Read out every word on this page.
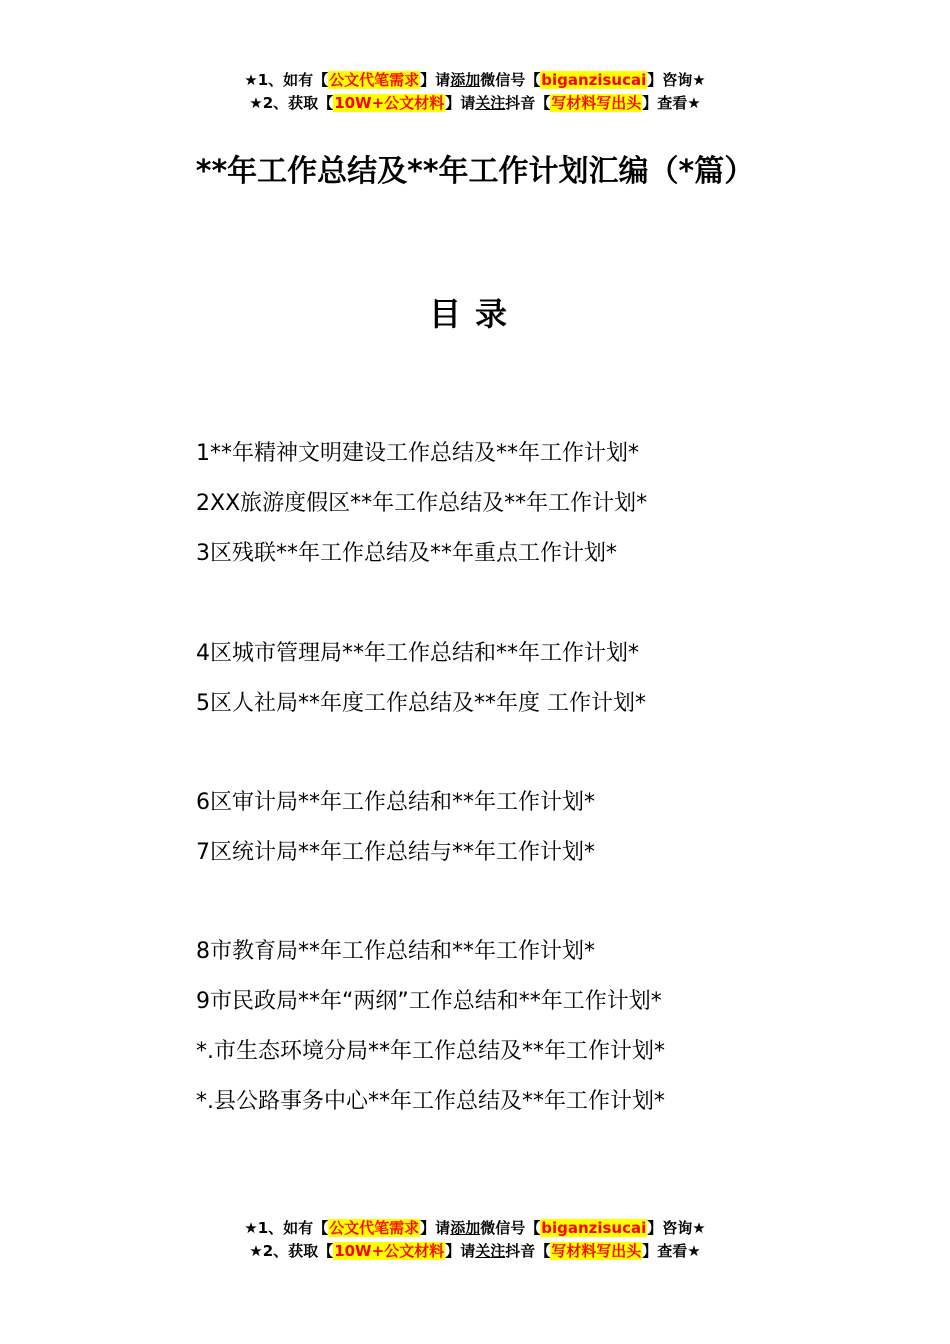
★1、如有【公文代笔需求】请添加微信号【biganzisucai】咨询★
★2、获取【10W+公文材料】请关注抖音【写材料写出头】查看★
**年工作总结及**年工作计划汇编（*篇）
目录
1**年精神文明建设工作总结及**年工作计划*
2XX旅游度假区**年工作总结及**年工作计划*
3区残联**年工作总结及**年重点工作计划*
4区城市管理局**年工作总结和**年工作计划*
5区人社局**年度工作总结及**年度 工作计划*
6区审计局**年工作总结和**年工作计划*
7区统计局**年工作总结与**年工作计划*
8市教育局**年工作总结和**年工作计划*
9市民政局**年“两纲”工作总结和**年工作计划*
*.市生态环境分局**年工作总结及**年工作计划*
*.县公路事务中心**年工作总结及**年工作计划*
★1、如有【公文代笔需求】请添加微信号【biganzisucai】咨询★
★2、获取【10W+公文材料】请关注抖音【写材料写出头】查看★
